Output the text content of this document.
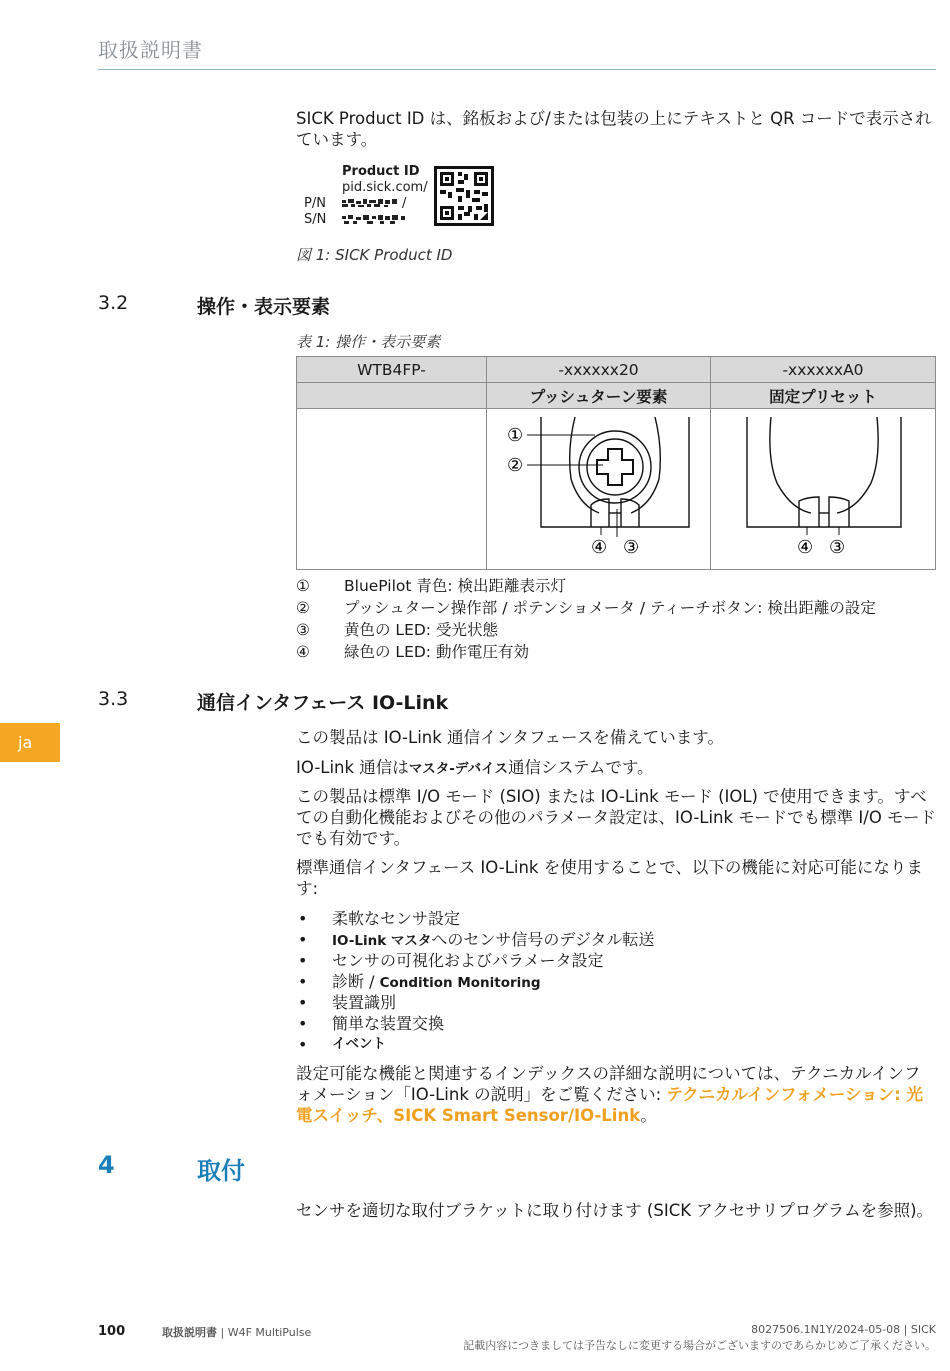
取扱説明書
SICK Product ID は、銘板および/または包装の上にテキストと QR コードで表示されています。
Product ID
pid.sick.com/
P/N
S/N
/
図 1: SICK Product ID
3.2	操作・表示要素
表 1: 操作・表示要素
WTB4FP-	-xxxxxx20	-xxxxxxA0
	プッシュターン要素	固定プリセット

①
②
④ ③	④ ③
①	BluePilot 青色: 検出距離表示灯
②	プッシュターン操作部 / ポテンショメータ / ティーチボタン: 検出距離の設定
③	黄色の LED: 受光状態
④	緑色の LED: 動作電圧有効
3.3	通信インタフェース IO-Link
ja	この製品は IO-Link 通信インタフェースを備えています。
IO-Link 通信はマスタ-デバイス通信システムです。
この製品は標準 I/O モード (SIO) または IO-Link モード (IOL) で使用できます。すべての自動化機能およびその他のパラメータ設定は、IO-Link モードでも標準 I/O モードでも有効です。
標準通信インタフェース IO-Link を使用することで、以下の機能に対応可能になります:
• 柔軟なセンサ設定
• IO-Link マスタへのセンサ信号のデジタル転送
• センサの可視化およびパラメータ設定
• 診断 / Condition Monitoring
• 装置識別
• 簡単な装置交換
• イベント
設定可能な機能と関連するインデックスの詳細な説明については、テクニカルインフォメーション「IO-Link の説明」をご覧ください: テクニカルインフォメーション: 光電スイッチ、SICK Smart Sensor/IO-Link。
4	取付
センサを適切な取付ブラケットに取り付けます (SICK アクセサリプログラムを参照)。
100	取扱説明書 | W4F MultiPulse	8027506.1N1Y/2024-05-08 | SICK
記載内容につきましては予告なしに変更する場合がございますのであらかじめご了承ください。
